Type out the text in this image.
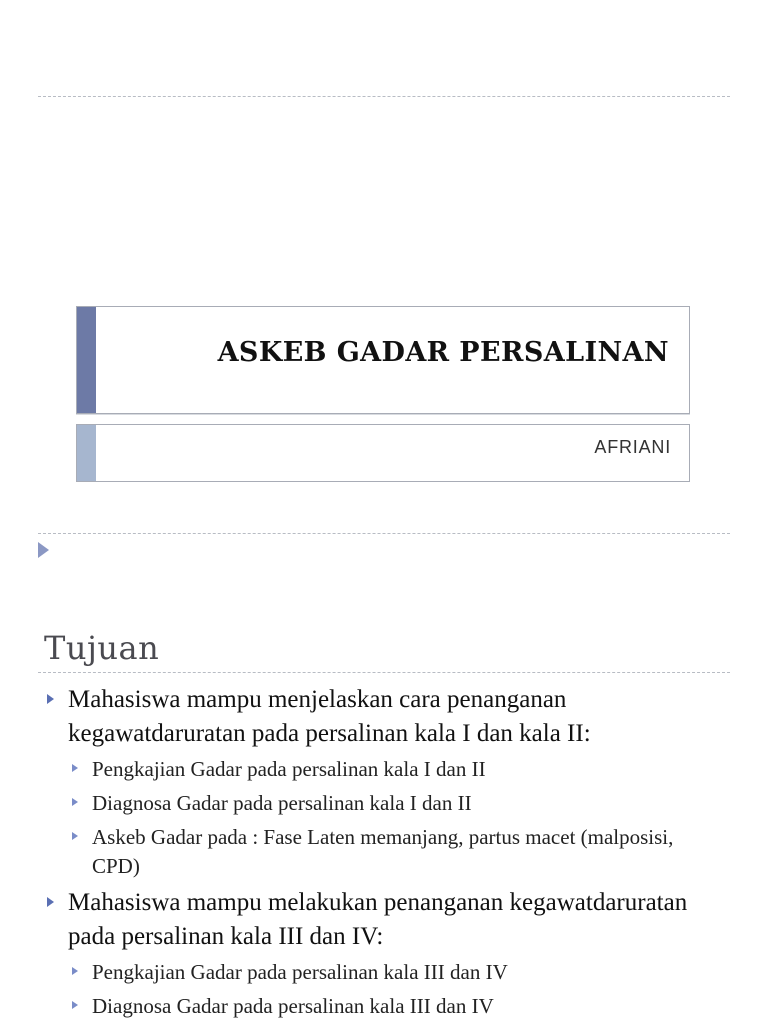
ASKEB GADAR PERSALINAN
AFRIANI
Tujuan
Mahasiswa mampu menjelaskan cara penanganan kegawatdaruratan pada persalinan kala I dan kala II:
Pengkajian Gadar pada persalinan kala I dan II
Diagnosa Gadar pada persalinan kala I dan II
Askeb Gadar pada : Fase Laten memanjang, partus macet (malposisi, CPD)
Mahasiswa mampu melakukan penanganan kegawatdaruratan pada persalinan kala III dan IV:
Pengkajian Gadar pada persalinan kala III dan IV
Diagnosa Gadar pada persalinan kala III dan IV
